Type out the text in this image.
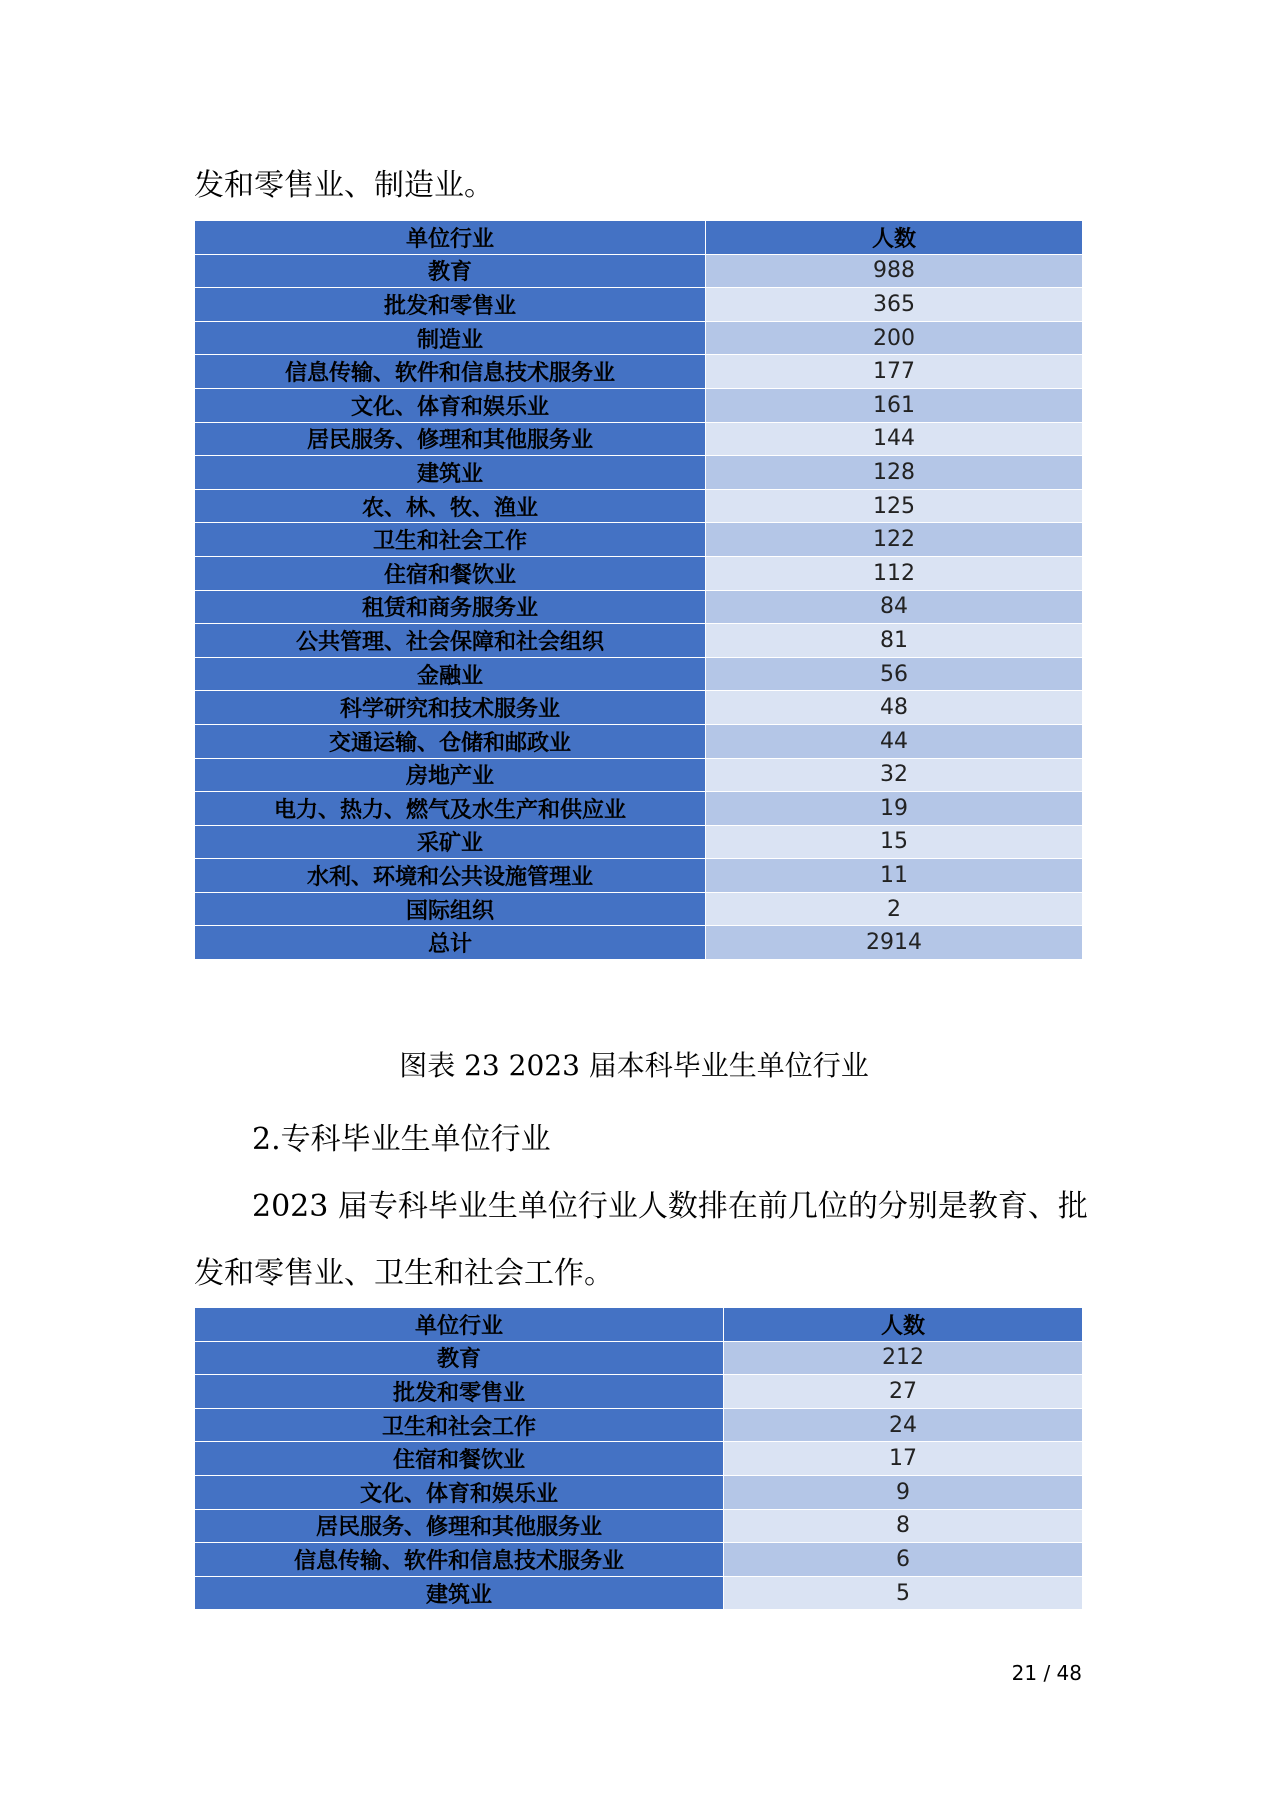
发和零售业、制造业。

单位行业	人数
教育	988
批发和零售业	365
制造业	200
信息传输、软件和信息技术服务业	177
文化、体育和娱乐业	161
居民服务、修理和其他服务业	144
建筑业	128
农、林、牧、渔业	125
卫生和社会工作	122
住宿和餐饮业	112
租赁和商务服务业	84
公共管理、社会保障和社会组织	81
金融业	56
科学研究和技术服务业	48
交通运输、仓储和邮政业	44
房地产业	32
电力、热力、燃气及水生产和供应业	19
采矿业	15
水利、环境和公共设施管理业	11
国际组织	2
总计	2914

图表 23 2023 届本科毕业生单位行业

2.专科毕业生单位行业

2023 届专科毕业生单位行业人数排在前几位的分别是教育、批

发和零售业、卫生和社会工作。

单位行业	人数
教育	212
批发和零售业	27
卫生和社会工作	24
住宿和餐饮业	17
文化、体育和娱乐业	9
居民服务、修理和其他服务业	8
信息传输、软件和信息技术服务业	6
建筑业	5
21 / 48
